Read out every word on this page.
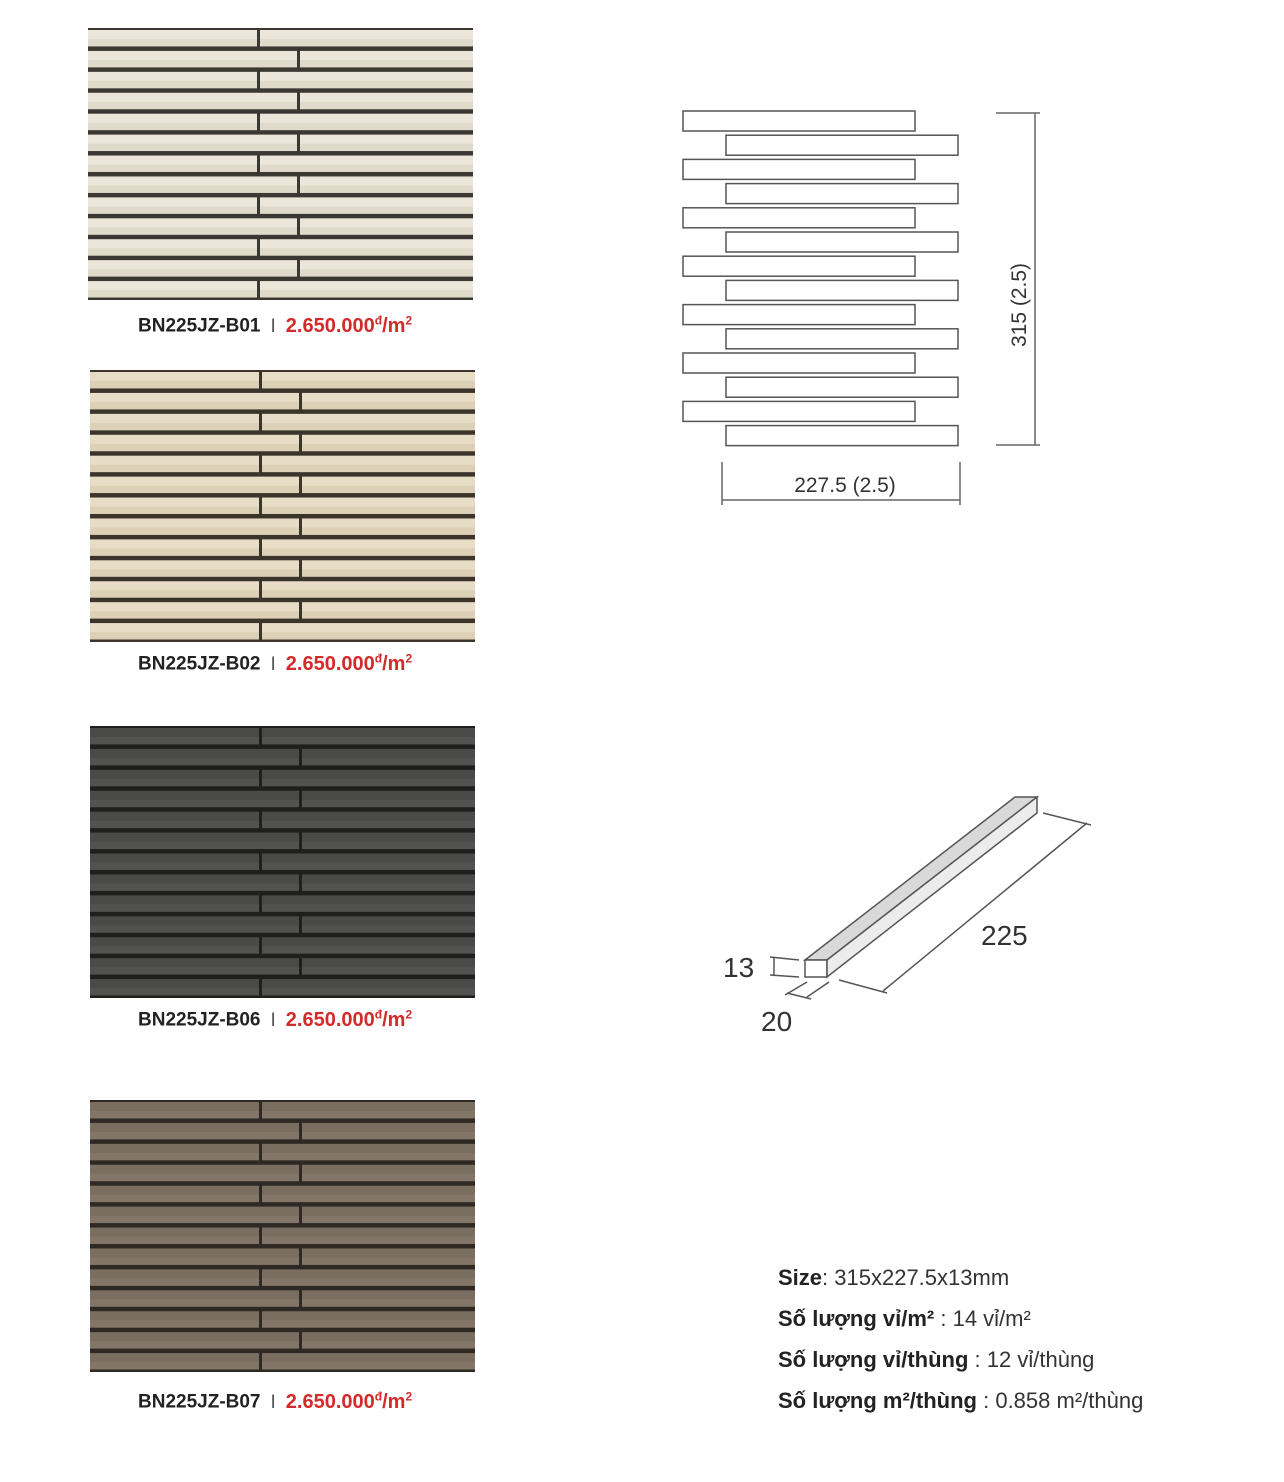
BN225JZ-B01 I $2.650.000^đ/m^2$
BN225JZ-B02 I $2.650.000^đ/m^2$
BN225JZ-B06 I $2.650.000^đ/m^2$
BN225JZ-B07 I $2.650.000^đ/m^2$
315 (2.5)
227.5 (2.5)
225
13
20
Size: 315x227.5x13mm
Số lượng vỉ/m² : 14 vỉ/m²
Số lượng vỉ/thùng : 12 vỉ/thùng
Số lượng m²/thùng : 0.858 m²/thùng
